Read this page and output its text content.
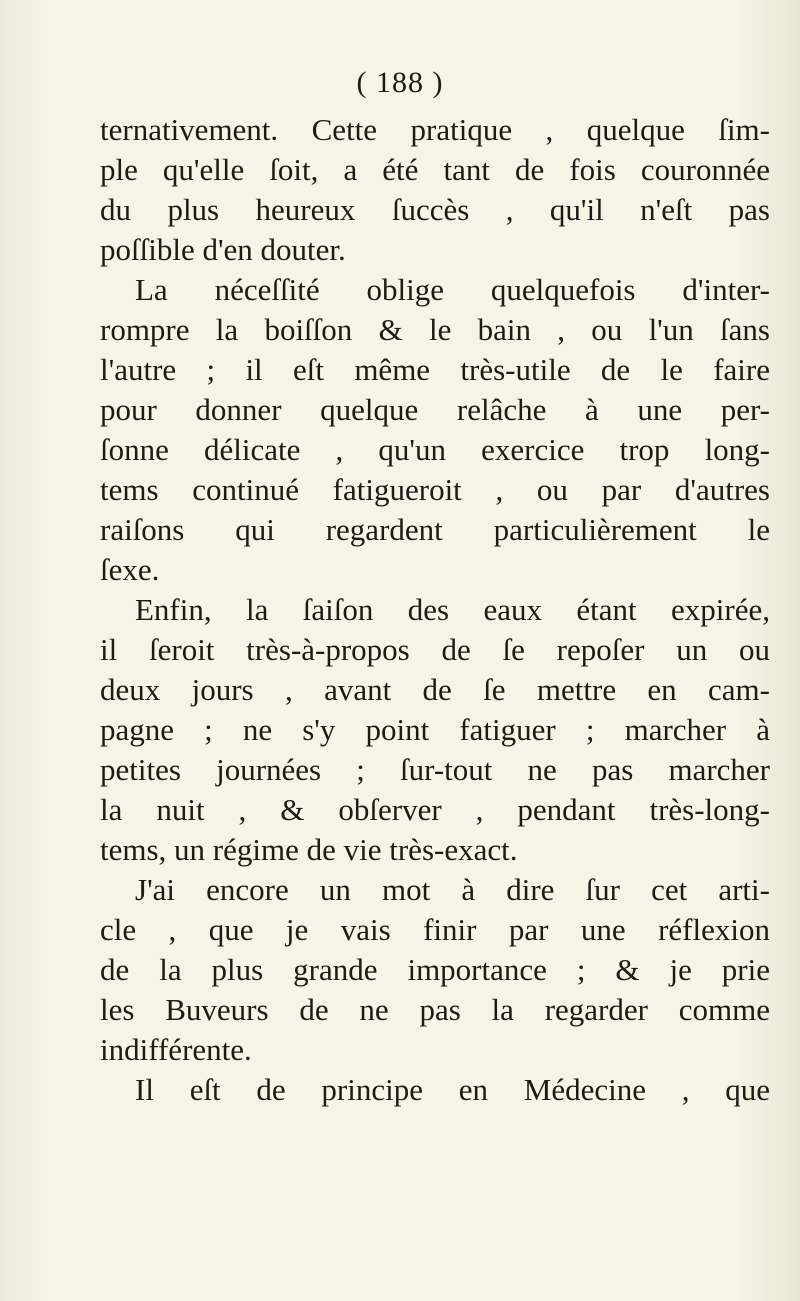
( 188 )
ternativement. Cette pratique , quelque ſim-
ple qu'elle ſoit, a été tant de fois couronnée
du plus heureux ſuccès , qu'il n'eſt pas
poſſible d'en douter.
La néceſſité oblige quelquefois d'inter-
rompre la boiſſon & le bain , ou l'un ſans
l'autre ; il eſt même très-utile de le faire
pour donner quelque relâche à une per-
ſonne délicate , qu'un exercice trop long-
tems continué fatigueroit , ou par d'autres
raiſons qui regardent particulièrement le
ſexe.
Enfin, la ſaiſon des eaux étant expirée,
il ſeroit très-à-propos de ſe repoſer un ou
deux jours , avant de ſe mettre en cam-
pagne ; ne s'y point fatiguer ; marcher à
petites journées ; ſur-tout ne pas marcher
la nuit , & obſerver , pendant très-long-
tems, un régime de vie très-exact.
J'ai encore un mot à dire ſur cet arti-
cle , que je vais finir par une réflexion
de la plus grande importance ; & je prie
les Buveurs de ne pas la regarder comme
indifférente.
Il eſt de principe en Médecine , que
